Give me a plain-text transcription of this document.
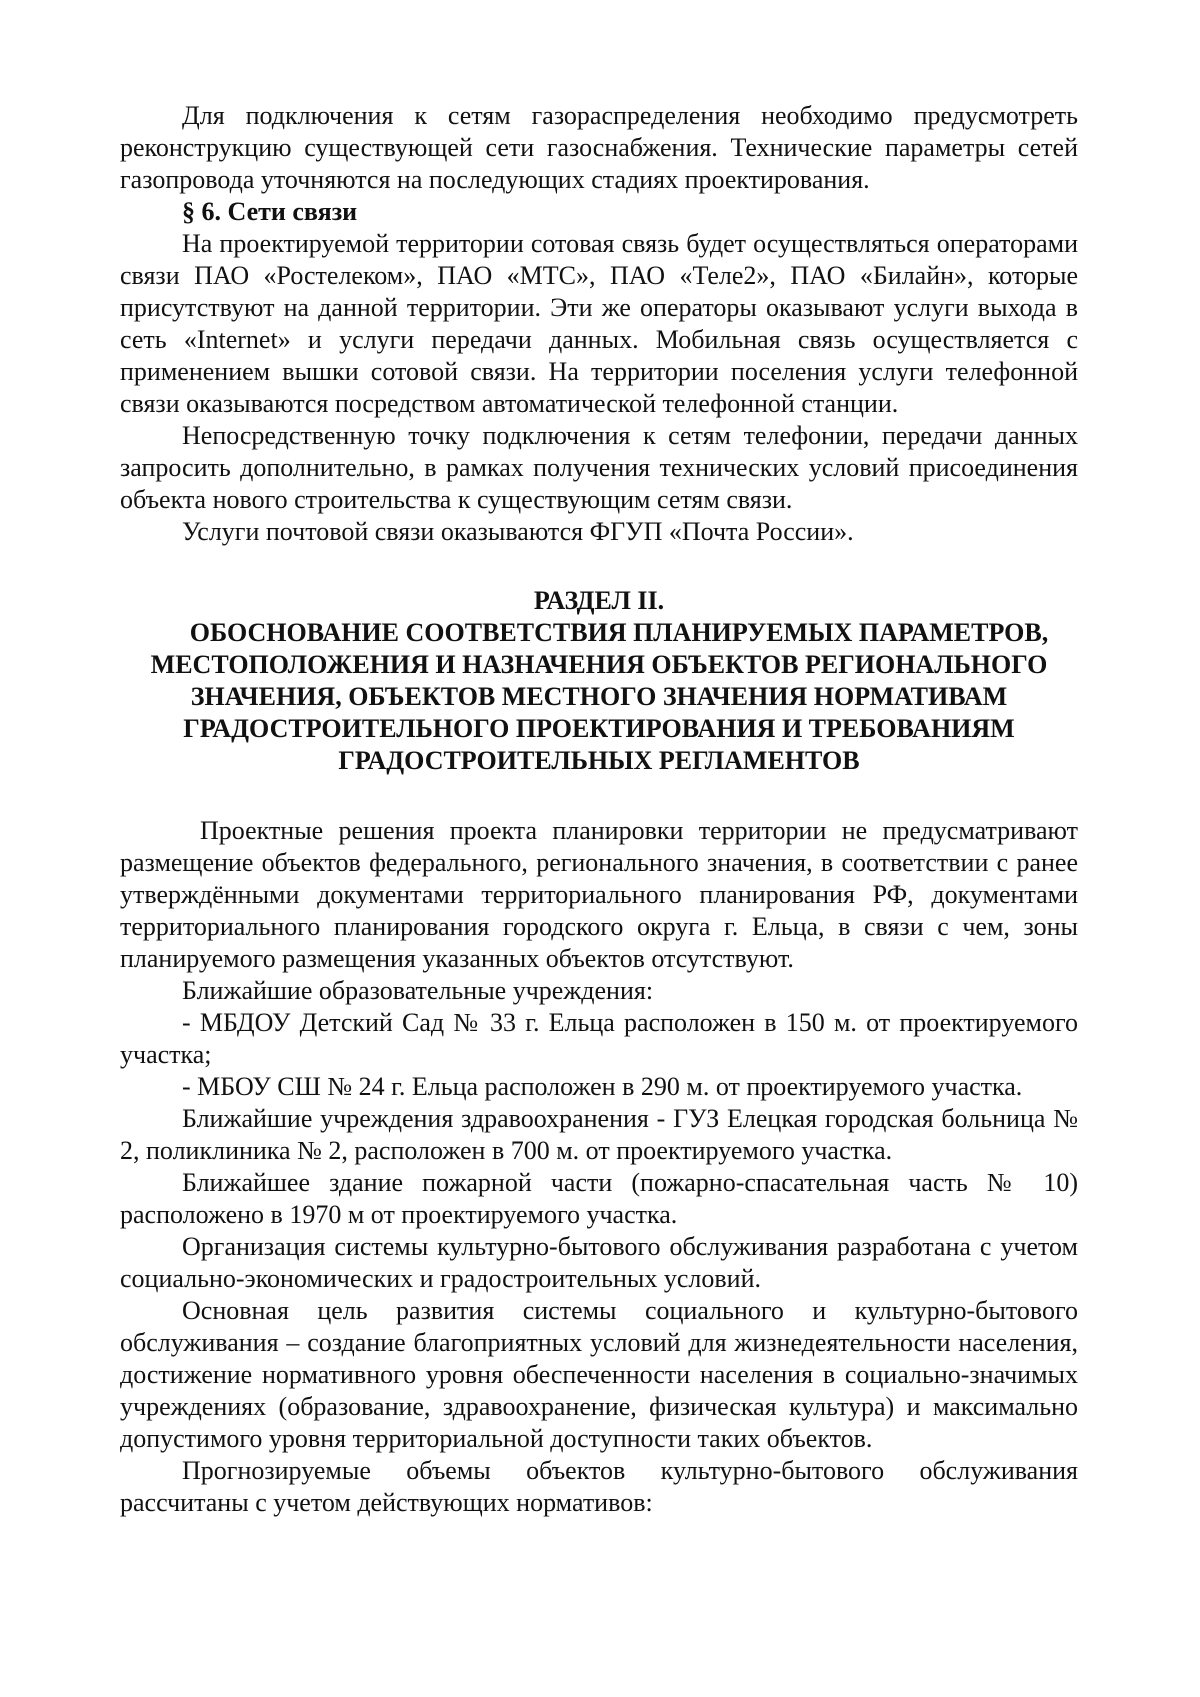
Для подключения к сетям газораспределения необходимо предусмотреть реконструкцию существующей сети газоснабжения. Технические параметры сетей газопровода уточняются на последующих стадиях проектирования.

§ 6. Сети связи

На проектируемой территории сотовая связь будет осуществляться операторами связи ПАО «Ростелеком», ПАО «МТС», ПАО «Теле2», ПАО «Билайн», которые присутствуют на данной территории. Эти же операторы оказывают услуги выхода в сеть «Internet» и услуги передачи данных. Мобильная связь осуществляется с применением вышки сотовой связи. На территории поселения услуги телефонной связи оказываются посредством автоматической телефонной станции.

Непосредственную точку подключения к сетям телефонии, передачи данных запросить дополнительно, в рамках получения технических условий присоединения объекта нового строительства к существующим сетям связи.

Услуги почтовой связи оказываются ФГУП «Почта России».

РАЗДЕЛ II.
ОБОСНОВАНИЕ СООТВЕТСТВИЯ ПЛАНИРУЕМЫХ ПАРАМЕТРОВ,
МЕСТОПОЛОЖЕНИЯ И НАЗНАЧЕНИЯ ОБЪЕКТОВ РЕГИОНАЛЬНОГО
ЗНАЧЕНИЯ, ОБЪЕКТОВ МЕСТНОГО ЗНАЧЕНИЯ НОРМАТИВАМ
ГРАДОСТРОИТЕЛЬНОГО ПРОЕКТИРОВАНИЯ И ТРЕБОВАНИЯМ
ГРАДОСТРОИТЕЛЬНЫХ РЕГЛАМЕНТОВ

Проектные решения проекта планировки территории не предусматривают размещение объектов федерального, регионального значения, в соответствии с ранее утверждёнными документами территориального планирования РФ, документами территориального планирования городского округа г. Ельца, в связи с чем, зоны планируемого размещения указанных объектов отсутствуют.

Ближайшие образовательные учреждения:

- МБДОУ Детский Сад № 33 г. Ельца расположен в 150 м. от проектируемого участка;

- МБОУ СШ № 24 г. Ельца расположен в 290 м. от проектируемого участка.

Ближайшие учреждения здравоохранения - ГУЗ Елецкая городская больница № 2, поликлиника № 2, расположен в 700 м. от проектируемого участка.

Ближайшее здание пожарной части (пожарно-спасательная часть № 10) расположено в 1970 м от проектируемого участка.

Организация системы культурно-бытового обслуживания разработана с учетом социально-экономических и градостроительных условий.

Основная цель развития системы социального и культурно-бытового обслуживания – создание благоприятных условий для жизнедеятельности населения, достижение нормативного уровня обеспеченности населения в социально-значимых учреждениях (образование, здравоохранение, физическая культура) и максимально допустимого уровня территориальной доступности таких объектов.

Прогнозируемые объемы объектов культурно-бытового обслуживания рассчитаны с учетом действующих нормативов:
